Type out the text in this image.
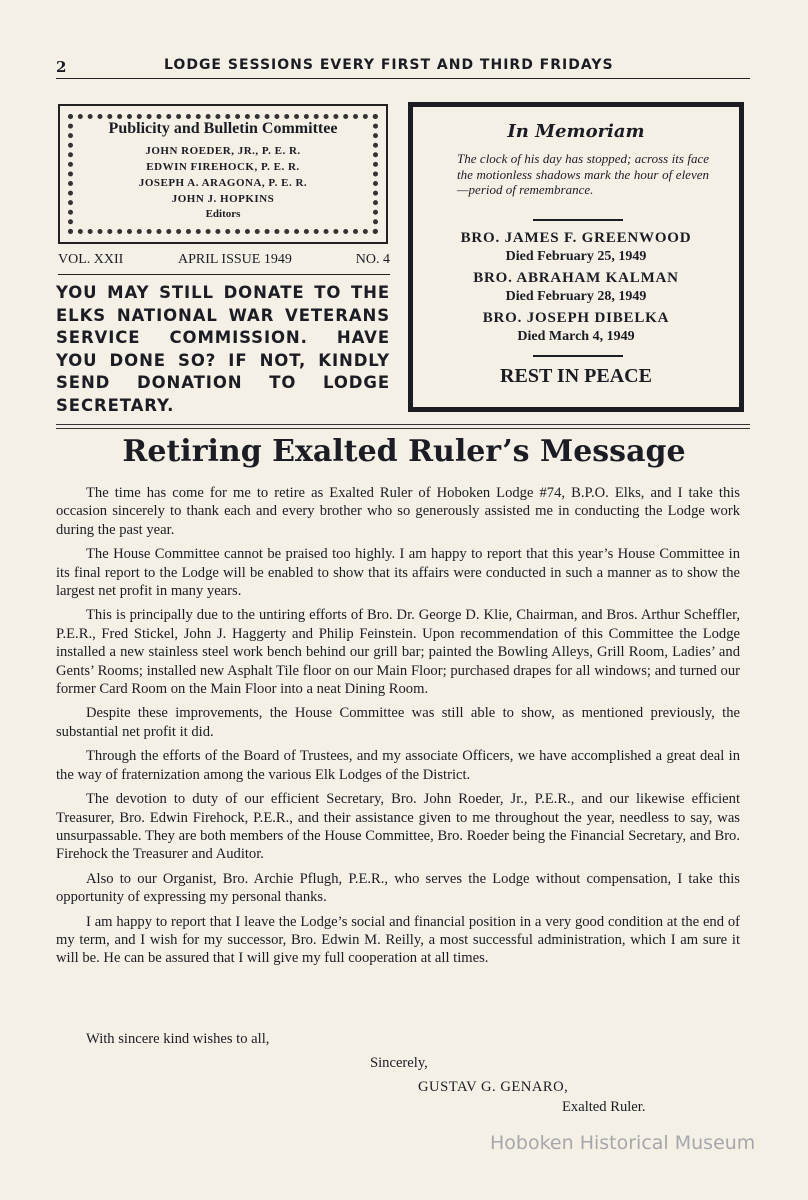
2	LODGE SESSIONS EVERY FIRST AND THIRD FRIDAYS
Publicity and Bulletin Committee
JOHN ROEDER, JR., P. E. R.
EDWIN FIREHOCK, P. E. R.
JOSEPH A. ARAGONA, P. E. R.
JOHN J. HOPKINS
Editors
VOL. XXII	APRIL ISSUE 1949	NO. 4
YOU MAY STILL DONATE TO THE ELKS NATIONAL WAR VETERANS SERVICE COMMISSION. HAVE YOU DONE SO? IF NOT, KINDLY SEND DONATION TO LODGE SECRETARY.
In Memoriam
The clock of his day has stopped; across its face the motionless shadows mark the hour of eleven—period of remembrance.
BRO. JAMES F. GREENWOOD
Died February 25, 1949
BRO. ABRAHAM KALMAN
Died February 28, 1949
BRO. JOSEPH DIBELKA
Died March 4, 1949
REST IN PEACE
Retiring Exalted Ruler’s Message

The time has come for me to retire as Exalted Ruler of Hoboken Lodge #74, B.P.O. Elks, and I take this occasion sincerely to thank each and every brother who so generously assisted me in conducting the Lodge work during the past year.

The House Committee cannot be praised too highly. I am happy to report that this year’s House Committee in its final report to the Lodge will be enabled to show that its affairs were conducted in such a manner as to show the largest net profit in many years.

This is principally due to the untiring efforts of Bro. Dr. George D. Klie, Chairman, and Bros. Arthur Scheffler, P.E.R., Fred Stickel, John J. Haggerty and Philip Feinstein. Upon recommendation of this Committee the Lodge installed a new stainless steel work bench behind our grill bar; painted the Bowling Alleys, Grill Room, Ladies’ and Gents’ Rooms; installed new Asphalt Tile floor on our Main Floor; purchased drapes for all windows; and turned our former Card Room on the Main Floor into a neat Dining Room.

Despite these improvements, the House Committee was still able to show, as mentioned previously, the substantial net profit it did.

Through the efforts of the Board of Trustees, and my associate Officers, we have accomplished a great deal in the way of fraternization among the various Elk Lodges of the District.

The devotion to duty of our efficient Secretary, Bro. John Roeder, Jr., P.E.R., and our likewise efficient Treasurer, Bro. Edwin Firehock, P.E.R., and their assistance given to me throughout the year, needless to say, was unsurpassable. They are both members of the House Committee, Bro. Roeder being the Financial Secretary, and Bro. Firehock the Treasurer and Auditor.

Also to our Organist, Bro. Archie Pflugh, P.E.R., who serves the Lodge without compensation, I take this opportunity of expressing my personal thanks.

I am happy to report that I leave the Lodge’s social and financial position in a very good condition at the end of my term, and I wish for my successor, Bro. Edwin M. Reilly, a most successful administration, which I am sure it will be. He can be assured that I will give my full cooperation at all times.

With sincere kind wishes to all,
Sincerely,
GUSTAV G. GENARO,
Exalted Ruler.
Hoboken Historical Museum
